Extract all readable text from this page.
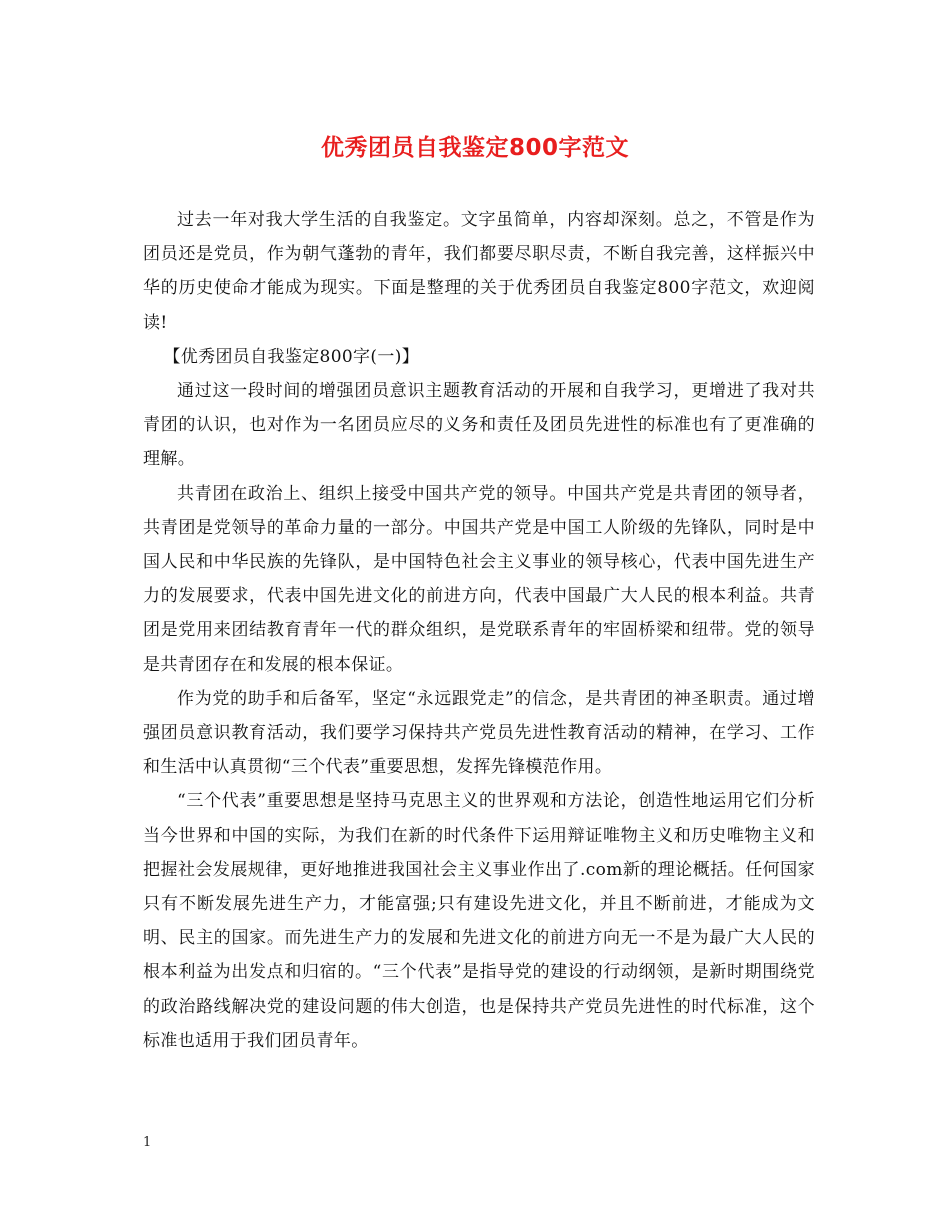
优秀团员自我鉴定800字范文

过去一年对我大学生活的自我鉴定。文字虽简单，内容却深刻。总之，不管是作为团员还是党员，作为朝气蓬勃的青年，我们都要尽职尽责，不断自我完善，这样振兴中华的历史使命才能成为现实。下面是整理的关于优秀团员自我鉴定800字范文，欢迎阅读!

【优秀团员自我鉴定800字(一)】

通过这一段时间的增强团员意识主题教育活动的开展和自我学习，更增进了我对共青团的认识，也对作为一名团员应尽的义务和责任及团员先进性的标准也有了更准确的理解。

共青团在政治上、组织上接受中国共产党的领导。中国共产党是共青团的领导者，共青团是党领导的革命力量的一部分。中国共产党是中国工人阶级的先锋队，同时是中国人民和中华民族的先锋队，是中国特色社会主义事业的领导核心，代表中国先进生产力的发展要求，代表中国先进文化的前进方向，代表中国最广大人民的根本利益。共青团是党用来团结教育青年一代的群众组织，是党联系青年的牢固桥梁和纽带。党的领导是共青团存在和发展的根本保证。

作为党的助手和后备军，坚定“永远跟党走”的信念，是共青团的神圣职责。通过增强团员意识教育活动，我们要学习保持共产党员先进性教育活动的精神，在学习、工作和生活中认真贯彻“三个代表”重要思想，发挥先锋模范作用。

“三个代表”重要思想是坚持马克思主义的世界观和方法论，创造性地运用它们分析当今世界和中国的实际，为我们在新的时代条件下运用辩证唯物主义和历史唯物主义和把握社会发展规律，更好地推进我国社会主义事业作出了.com新的理论概括。任何国家只有不断发展先进生产力，才能富强;只有建设先进文化，并且不断前进，才能成为文明、民主的国家。而先进生产力的发展和先进文化的前进方向无一不是为最广大人民的根本利益为出发点和归宿的。“三个代表”是指导党的建设的行动纲领，是新时期围绕党的政治路线解决党的建设问题的伟大创造，也是保持共产党员先进性的时代标准，这个标准也适用于我们团员青年。

1
